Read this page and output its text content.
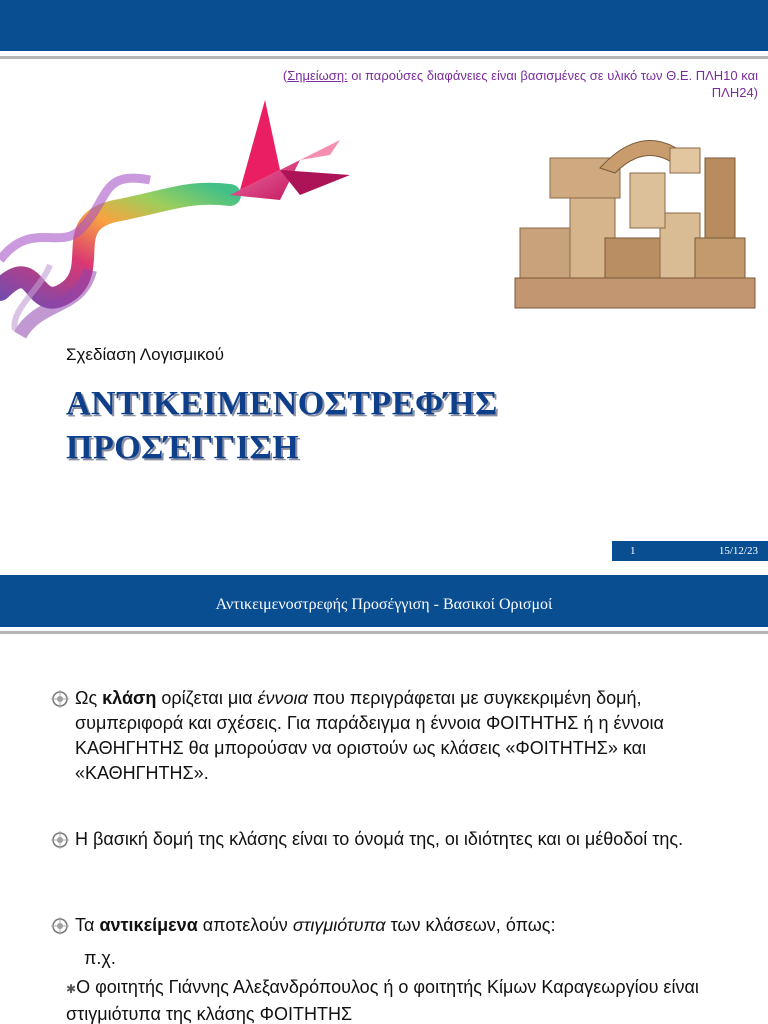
(Σημείωση: οι παρούσες διαφάνειες είναι βασισμένες σε υλικό των Θ.Ε. ΠΛΗ10 και ΠΛΗ24)
Σχεδίαση Λογισμικού
ΑΝΤΙΚΕΙΜΕΝΟΣΤΡΕΦΉΣ
ΠΡΟΣΈΓΓΙΣΗ
1	15/12/23
Αντικειμενοστρεφής Προσέγγιση - Βασικοί Ορισμοί
Ως κλάση ορίζεται μια έννοια που περιγράφεται με συγκεκριμένη δομή, συμπεριφορά και σχέσεις. Για παράδειγμα η έννοια ΦΟΙΤΗΤΗΣ ή η έννοια ΚΑΘΗΓΗΤΗΣ θα μπορούσαν να οριστούν ως κλάσεις «ΦΟΙΤΗΤΗΣ» και «ΚΑΘΗΓΗΤΗΣ».
Η βασική δομή της κλάσης είναι το όνομά της, οι ιδιότητες και οι μέθοδοί της.
Τα αντικείμενα αποτελούν στιγμιότυπα των κλάσεων, όπως:
π.χ.
✱Ο φοιτητής Γιάννης Αλεξανδρόπουλος ή ο φοιτητής Κίμων Καραγεωργίου είναι στιγμιότυπα της κλάσης ΦΟΙΤΗΤΗΣ
